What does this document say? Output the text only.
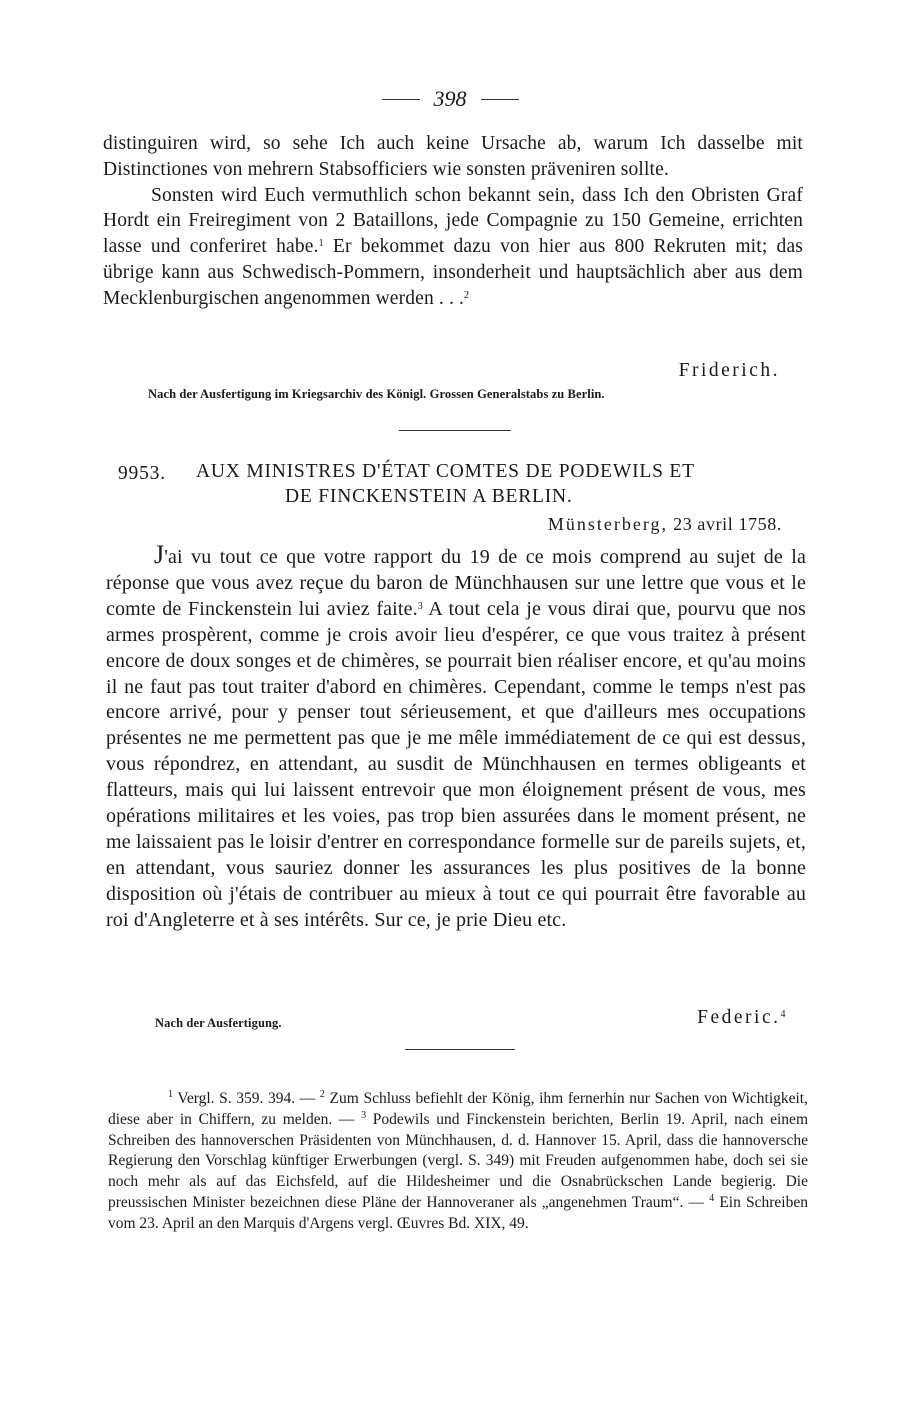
398

distinguiren wird, so sehe Ich auch keine Ursache ab, warum Ich dasselbe mit Distinctiones von mehrern Stabsofficiers wie sonsten präveniren sollte.

Sonsten wird Euch vermuthlich schon bekannt sein, dass Ich den Obristen Graf Hordt ein Freiregiment von 2 Bataillons, jede Compagnie zu 150 Gemeine, errichten lasse und conferiret habe.$^1$ Er bekommet dazu von hier aus 800 Rekruten mit; das übrige kann aus Schwedisch-Pommern, insonderheit und hauptsächlich aber aus dem Mecklenburgischen angenommen werden . . .$^2$

Friderich.
Nach der Ausfertigung im Kriegsarchiv des Königl. Grossen Generalstabs zu Berlin.
9953. AUX MINISTRES D'ÉTAT COMTES DE PODEWILS ET
DE FINCKENSTEIN A BERLIN.
Münsterberg, 23 avril 1758.

J'ai vu tout ce que votre rapport du 19 de ce mois comprend au sujet de la réponse que vous avez reçue du baron de Münchhausen sur une lettre que vous et le comte de Finckenstein lui aviez faite.$^3$ A tout cela je vous dirai que, pourvu que nos armes prospèrent, comme je crois avoir lieu d'espérer, ce que vous traitez à présent encore de doux songes et de chimères, se pourrait bien réaliser encore, et qu'au moins il ne faut pas tout traiter d'abord en chimères. Cependant, comme le temps n'est pas encore arrivé, pour y penser tout sérieusement, et que d'ailleurs mes occupations présentes ne me permettent pas que je me mêle immédiatement de ce qui est dessus, vous répondrez, en attendant, au susdit de Münchhausen en termes obligeants et flatteurs, mais qui lui laissent entrevoir que mon éloignement présent de vous, mes opérations militaires et les voies, pas trop bien assurées dans le moment présent, ne me laissaient pas le loisir d'entrer en correspondance formelle sur de pareils sujets, et, en attendant, vous sauriez donner les assurances les plus positives de la bonne disposition où j'étais de contribuer au mieux à tout ce qui pourrait être favorable au roi d'Angleterre et à ses intérêts. Sur ce, je prie Dieu etc.

Nach der Ausfertigung.	Federic.$^4$

$^1$ Vergl. S. 359. 394. — $^2$ Zum Schluss befiehlt der König, ihm fernerhin nur Sachen von Wichtigkeit, diese aber in Chiffern, zu melden. — $^3$ Podewils und Finckenstein berichten, Berlin 19. April, nach einem Schreiben des hannoverschen Präsidenten von Münchhausen, d. d. Hannover 15. April, dass die hannoversche Regierung den Vorschlag künftiger Erwerbungen (vergl. S. 349) mit Freuden aufgenommen habe, doch sei sie noch mehr als auf das Eichsfeld, auf die Hildesheimer und die Osnabrückschen Lande begierig. Die preussischen Minister bezeichnen diese Pläne der Hannoveraner als „angenehmen Traum“. — $^4$ Ein Schreiben vom 23. April an den Marquis d'Argens vergl. Œuvres Bd. XIX, 49.
